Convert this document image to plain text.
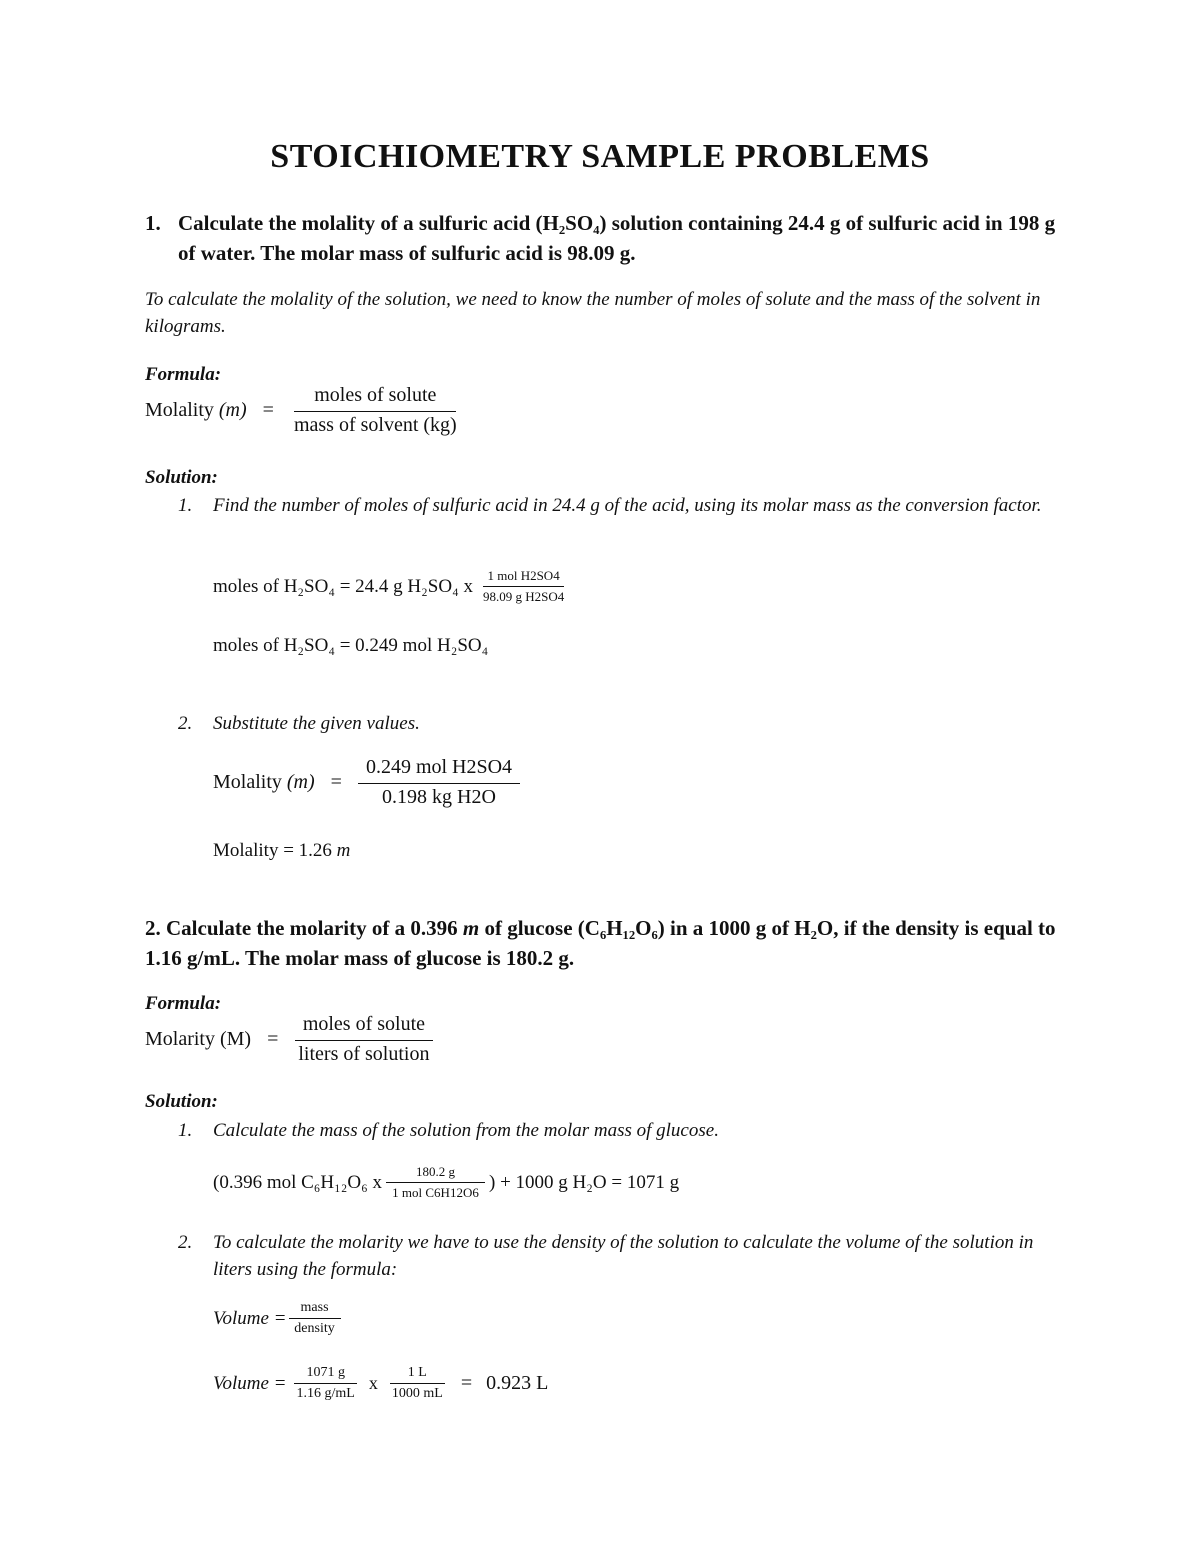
STOICHIOMETRY SAMPLE PROBLEMS
1. Calculate the molality of a sulfuric acid (H₂SO₄) solution containing 24.4 g of sulfuric acid in 198 g of water. The molar mass of sulfuric acid is 98.09 g.
To calculate the molality of the solution, we need to know the number of moles of solute and the mass of the solvent in kilograms.
Formula:
Molality $(m) = \frac{\text{moles of solute}}{\text{mass of solvent (kg)}}$
Solution:
1. Find the number of moles of sulfuric acid in 24.4 g of the acid, using its molar mass as the conversion factor.
moles of H₂SO₄ = 24.4 g H₂SO₄ x $\frac{\text{1 mol H2SO4}}{\text{98.09 g H2SO4}}$
moles of H₂SO₄ = 0.249 mol H₂SO₄
2. Substitute the given values.
Molality $(m) = \frac{\text{0.249 mol H2SO4}}{\text{0.198 kg H2O}}$
Molality = 1.26 m
2. Calculate the molarity of a 0.396 m of glucose (C₆H₁₂O₆) in a 1000 g of H₂O, if the density is equal to 1.16 g/mL. The molar mass of glucose is 180.2 g.
Formula:
Molarity $(M) = \frac{\text{moles of solute}}{\text{liters of solution}}$
Solution:
1. Calculate the mass of the solution from the molar mass of glucose.
(0.396 mol C₆H₁₂O₆ x $\frac{180.2 g}{\text{1 mol C6H12O6}}$ ) + 1000 g H₂O = 1071 g
2. To calculate the molarity we have to use the density of the solution to calculate the volume of the solution in liters using the formula:
Volume = $\frac{\text{mass}}{\text{density}}$
Volume = $\frac{1071 g}{1.16 g/mL}$ x $\frac{1 L}{1000 mL} = 0.923$ L
